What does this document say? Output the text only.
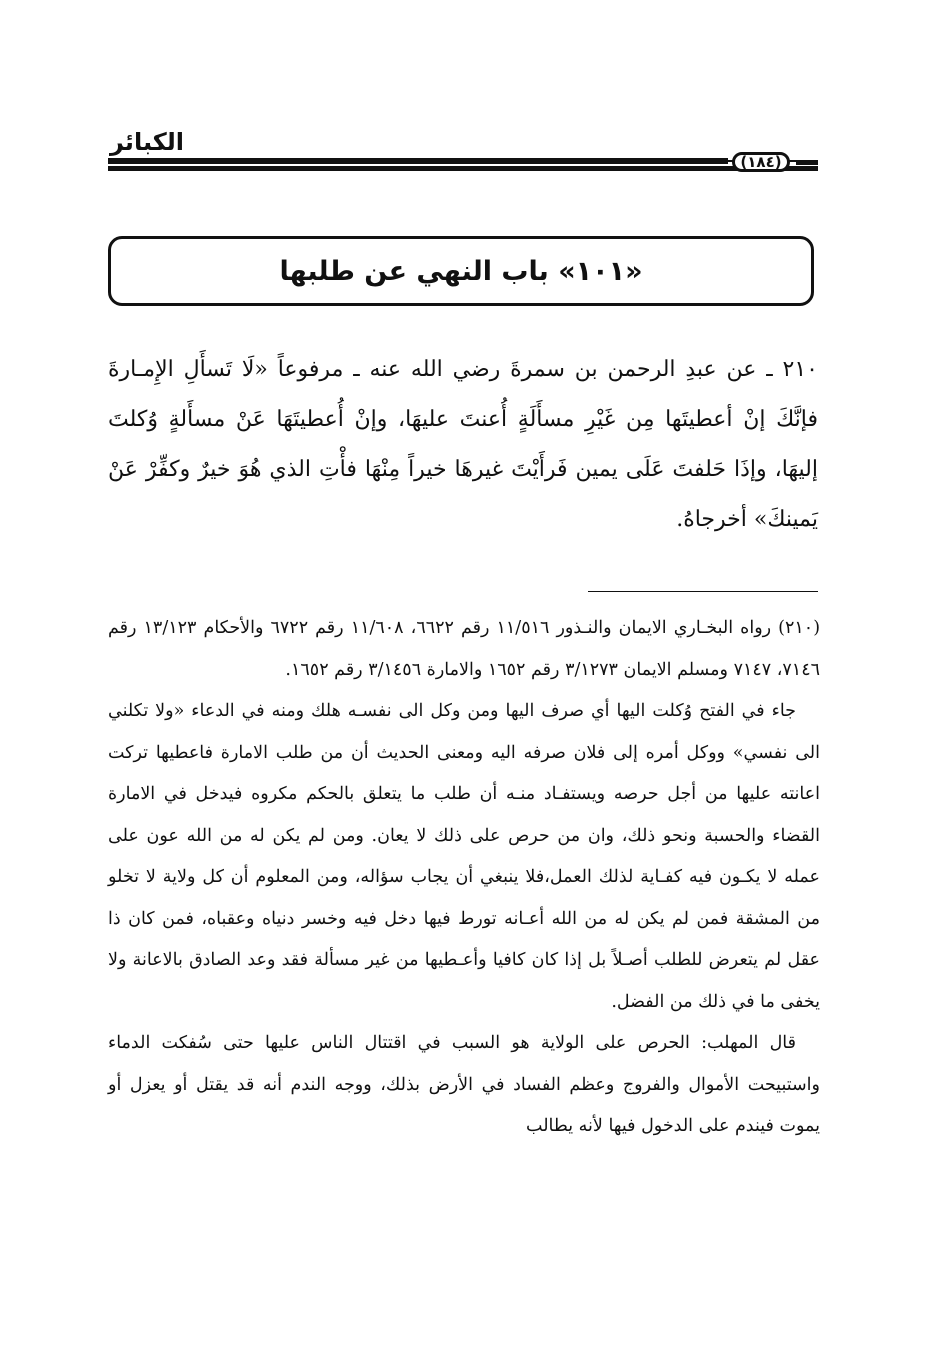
الكبائر
(١٨٤)
«١٠١» باب النهي عن طلبها
٢١٠ ـ عن عبدِ الرحمن بن سمرةَ رضي الله عنه ـ مرفوعاً «لَا تَسأَلِ الإِمـارةَ فإنَّكَ إنْ أعطيتَها مِن غَيْرِ مسأَلَةٍ أُعنتَ عليهَا، وإنْ أُعطيتَهَا عَنْ مسأَلةٍ وُكلتَ إليهَا، وإذَا حَلفتَ عَلَى يمين فَرأَيْتَ غيرهَا خيراً مِنْهَا فأْتِ الذي هُوَ خيرٌ وكفِّرْ عَنْ يَمينكَ» أخرجاهُ.

(٢١٠) رواه البخـاري الايمان والنـذور ١١/٥١٦ رقم ٦٦٢٢، ١١/٦٠٨ رقم ٦٧٢٢ والأحكام ١٣/١٢٣ رقم ٧١٤٦، ٧١٤٧ ومسلم الايمان ٣/١٢٧٣ رقم ١٦٥٢ والامارة ٣/١٤٥٦ رقم ١٦٥٢.

جاء في الفتح وُكلت اليها أي صرف اليها ومن وكل الى نفسـه هلك ومنه في الدعاء «ولا تكلني الى نفسي» ووكل أمره إلى فلان صرفه اليه ومعنى الحديث أن من طلب الامارة فاعطيها تركت اعانته عليها من أجل حرصه ويستفـاد منـه أن طلب ما يتعلق بالحكم مكروه فيدخل في الامارة القضاء والحسبة ونحو ذلك، وان من حرص على ذلك لا يعان. ومن لم يكن له من الله عون على عمله لا يكـون فيه كفـاية لذلك العمل،فلا ينبغي أن يجاب سؤاله، ومن المعلوم أن كل ولاية لا تخلو من المشقة فمن لم يكن له من الله أعـانه تورط فيها دخل فيه وخسر دنياه وعقباه، فمن كان ذا عقل لم يتعرض للطلب أصـلاً بل إذا كان كافيا وأعـطيها من غير مسألة فقد وعد الصادق بالاعانة ولا يخفى ما في ذلك من الفضل.

قال المهلب: الحرص على الولاية هو السبب في اقتتال الناس عليها حتى سُفكت الدماء واستبيحت الأموال والفروج وعظم الفساد في الأرض بذلك، ووجه الندم أنه قد يقتل أو يعزل أو يموت فيندم على الدخول فيها لأنه يطالب
